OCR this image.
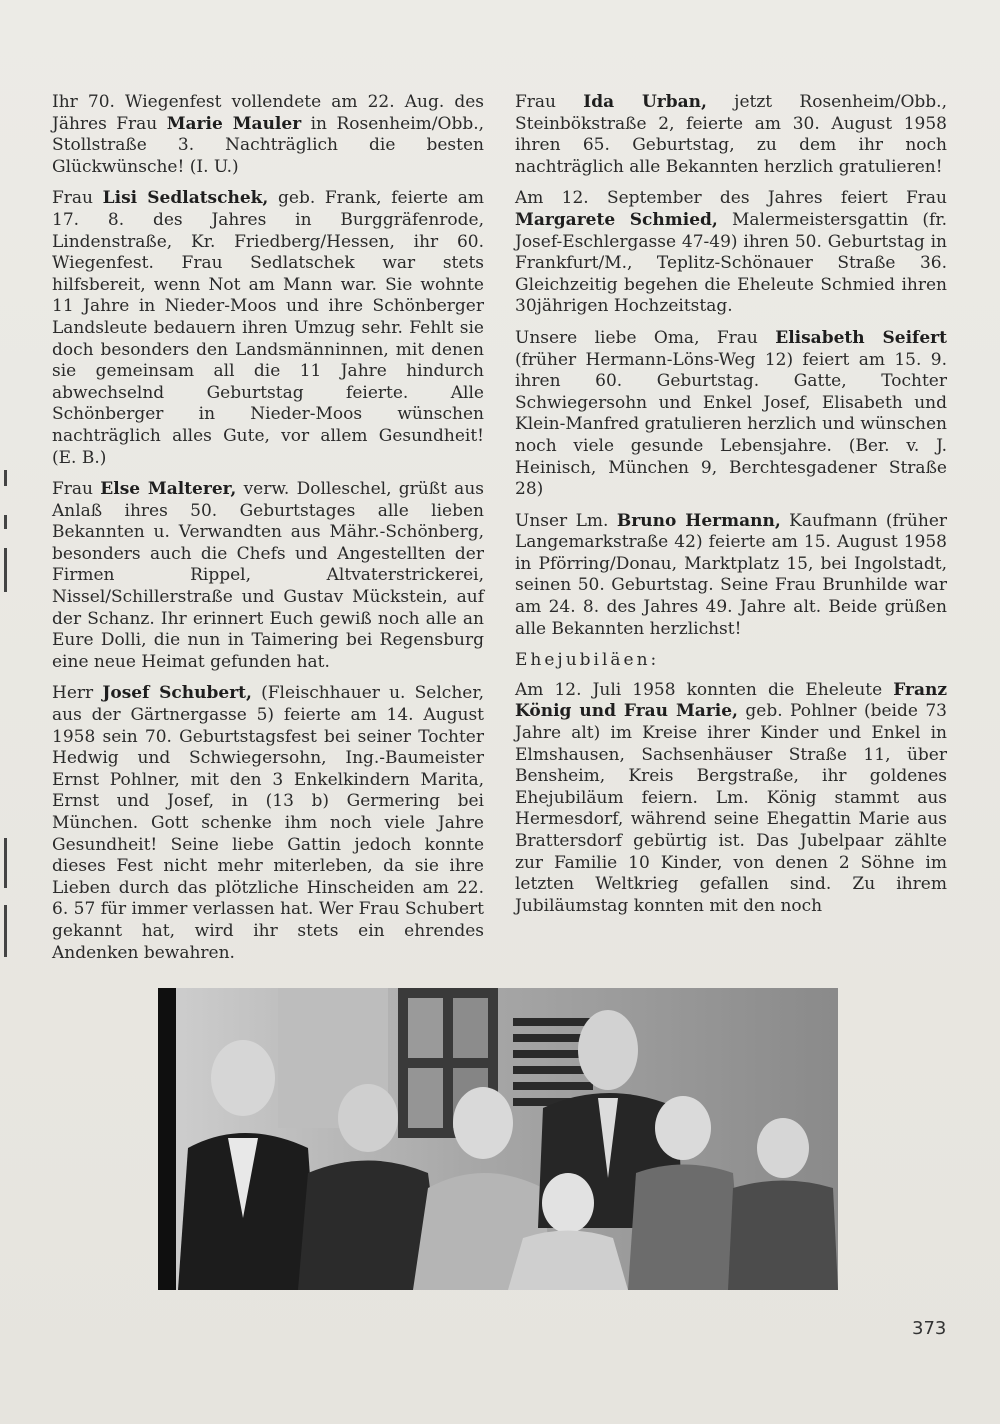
Ihr 70. Wiegenfest vollendete am 22. Aug. des Jähres Frau Marie Mauler in Rosenheim/Obb., Stollstraße 3. Nachträglich die besten Glückwünsche! (I. U.)

Frau Lisi Sedlatschek, geb. Frank, feierte am 17. 8. des Jahres in Burggräfenrode, Lindenstraße, Kr. Friedberg/Hessen, ihr 60. Wiegenfest. Frau Sedlatschek war stets hilfsbereit, wenn Not am Mann war. Sie wohnte 11 Jahre in Nieder-Moos und ihre Schönberger Landsleute bedauern ihren Umzug sehr. Fehlt sie doch besonders den Landsmänninnen, mit denen sie gemeinsam all die 11 Jahre hindurch abwechselnd Geburtstag feierte. Alle Schönberger in Nieder-Moos wünschen nachträglich alles Gute, vor allem Gesundheit! (E. B.)

Frau Else Malterer, verw. Dolleschel, grüßt aus Anlaß ihres 50. Geburtstages alle lieben Bekannten u. Verwandten aus Mähr.-Schönberg, besonders auch die Chefs und Angestellten der Firmen Rippel, Altvaterstrickerei, Nissel/Schillerstraße und Gustav Mückstein, auf der Schanz. Ihr erinnert Euch gewiß noch alle an Eure Dolli, die nun in Taimering bei Regensburg eine neue Heimat gefunden hat.

Herr Josef Schubert, (Fleischhauer u. Selcher, aus der Gärtnergasse 5) feierte am 14. August 1958 sein 70. Geburtstagsfest bei seiner Tochter Hedwig und Schwiegersohn, Ing.-Baumeister Ernst Pohlner, mit den 3 Enkelkindern Marita, Ernst und Josef, in (13 b) Germering bei München. Gott schenke ihm noch viele Jahre Gesundheit! Seine liebe Gattin jedoch konnte dieses Fest nicht mehr miterleben, da sie ihre Lieben durch das plötzliche Hinscheiden am 22. 6. 57 für immer verlassen hat. Wer Frau Schubert gekannt hat, wird ihr stets ein ehrendes Andenken bewahren.

Frau Ida Urban, jetzt Rosenheim/Obb., Steinbökstraße 2, feierte am 30. August 1958 ihren 65. Geburtstag, zu dem ihr noch nachträglich alle Bekannten herzlich gratulieren!

Am 12. September des Jahres feiert Frau Margarete Schmied, Malermeistersgattin (fr. Josef-Eschlergasse 47-49) ihren 50. Geburtstag in Frankfurt/M., Teplitz-Schönauer Straße 36. Gleichzeitig begehen die Eheleute Schmied ihren 30jährigen Hochzeitstag.

Unsere liebe Oma, Frau Elisabeth Seifert (früher Hermann-Löns-Weg 12) feiert am 15. 9. ihren 60. Geburtstag. Gatte, Tochter Schwiegersohn und Enkel Josef, Elisabeth und Klein-Manfred gratulieren herzlich und wünschen noch viele gesunde Lebensjahre. (Ber. v. J. Heinisch, München 9, Berchtesgadener Straße 28)

Unser Lm. Bruno Hermann, Kaufmann (früher Langemarkstraße 42) feierte am 15. August 1958 in Pförring/Donau, Marktplatz 15, bei Ingolstadt, seinen 50. Geburtstag. Seine Frau Brunhilde war am 24. 8. des Jahres 49. Jahre alt. Beide grüßen alle Bekannten herzlichst!

Ehejubiläen:

Am 12. Juli 1958 konnten die Eheleute Franz König und Frau Marie, geb. Pohlner (beide 73 Jahre alt) im Kreise ihrer Kinder und Enkel in Elmshausen, Sachsenhäuser Straße 11, über Bensheim, Kreis Bergstraße, ihr goldenes Ehejubiläum feiern. Lm. König stammt aus Hermesdorf, während seine Ehegattin Marie aus Brattersdorf gebürtig ist. Das Jubelpaar zählte zur Familie 10 Kinder, von denen 2 Söhne im letzten Weltkrieg gefallen sind. Zu ihrem Jubiläumstag konnten mit den noch

373
